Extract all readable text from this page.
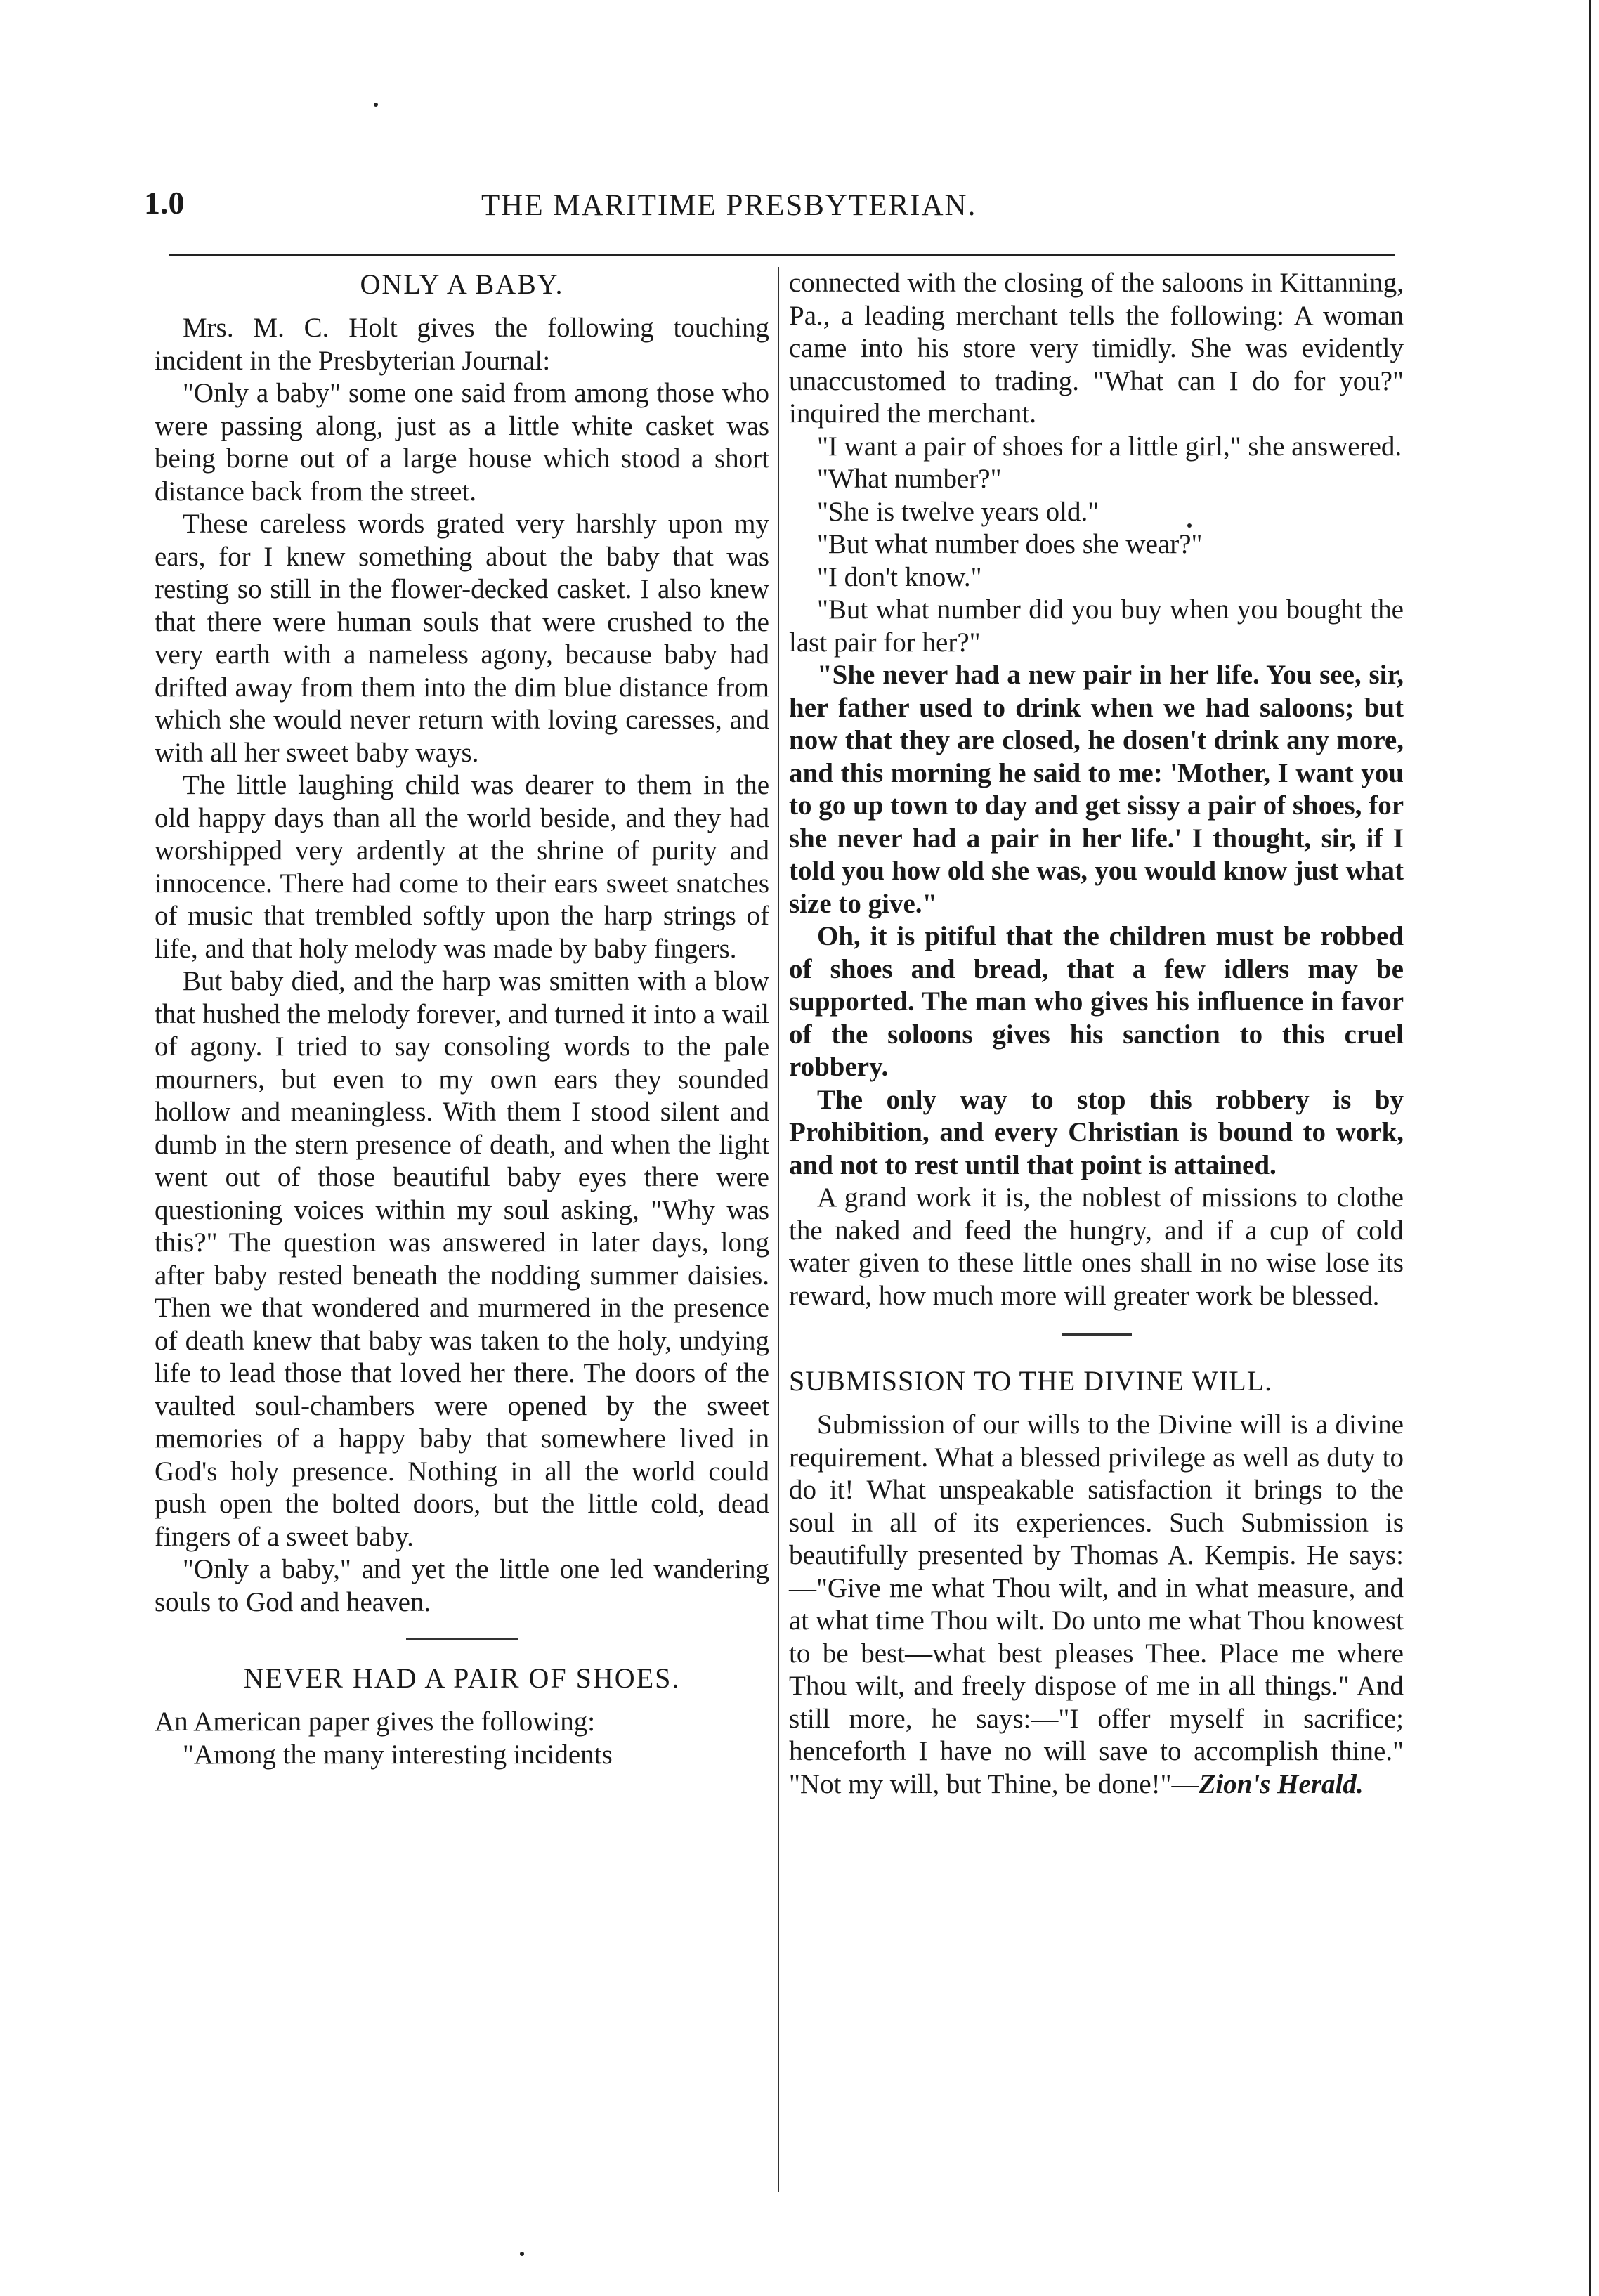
1.0	THE MARITIME PRESBYTERIAN.
ONLY A BABY.

Mrs. M. C. Holt gives the following touching incident in the Presbyterian Journal:

"Only a baby" some one said from among those who were passing along, just as a little white casket was being borne out of a large house which stood a short distance back from the street.

These careless words grated very harshly upon my ears, for I knew something about the baby that was resting so still in the flower-decked casket. I also knew that there were human souls that were crushed to the very earth with a nameless agony, because baby had drifted away from them into the dim blue distance from which she would never return with loving caresses, and with all her sweet baby ways.

The little laughing child was dearer to them in the old happy days than all the world beside, and they had worshipped very ardently at the shrine of purity and innocence. There had come to their ears sweet snatches of music that trembled softly upon the harp strings of life, and that holy melody was made by baby fingers.

But baby died, and the harp was smitten with a blow that hushed the melody forever, and turned it into a wail of agony. I tried to say consoling words to the pale mourners, but even to my own ears they sounded hollow and meaningless. With them I stood silent and dumb in the stern presence of death, and when the light went out of those beautiful baby eyes there were questioning voices within my soul asking, "Why was this?" The question was answered in later days, long after baby rested beneath the nodding summer daisies. Then we that wondered and murmered in the presence of death knew that baby was taken to the holy, undying life to lead those that loved her there. The doors of the vaulted soul-chambers were opened by the sweet memories of a happy baby that somewhere lived in God's holy presence. Nothing in all the world could push open the bolted doors, but the little cold, dead fingers of a sweet baby.

"Only a baby," and yet the little one led wandering souls to God and heaven.

NEVER HAD A PAIR OF SHOES.

An American paper gives the following:

"Among the many interesting incidents

connected with the closing of the saloons in Kittanning, Pa., a leading merchant tells the following: A woman came into his store very timidly. She was evidently unaccustomed to trading. "What can I do for you?" inquired the merchant.

"I want a pair of shoes for a little girl," she answered.

"What number?"

"She is twelve years old."

"But what number does she wear?"

"I don't know."

"But what number did you buy when you bought the last pair for her?"

"She never had a new pair in her life. You see, sir, her father used to drink when we had saloons; but now that they are closed, he dosen't drink any more, and this morning he said to me: 'Mother, I want you to go up town to day and get sissy a pair of shoes, for she never had a pair in her life.' I thought, sir, if I told you how old she was, you would know just what size to give."

Oh, it is pitiful that the children must be robbed of shoes and bread, that a few idlers may be supported. The man who gives his influence in favor of the soloons gives his sanction to this cruel robbery.

The only way to stop this robbery is by Prohibition, and every Christian is bound to work, and not to rest until that point is attained.

A grand work it is, the noblest of missions to clothe the naked and feed the hungry, and if a cup of cold water given to these little ones shall in no wise lose its reward, how much more will greater work be blessed.

SUBMISSION TO THE DIVINE WILL.

Submission of our wills to the Divine will is a divine requirement. What a blessed privilege as well as duty to do it! What unspeakable satisfaction it brings to the soul in all of its experiences. Such Submission is beautifully presented by Thomas A. Kempis. He says:—"Give me what Thou wilt, and in what measure, and at what time Thou wilt. Do unto me what Thou knowest to be best—what best pleases Thee. Place me where Thou wilt, and freely dispose of me in all things." And still more, he says:—"I offer myself in sacrifice; henceforth I have no will save to accomplish thine." "Not my will, but Thine, be done!"—Zion's Herald.
